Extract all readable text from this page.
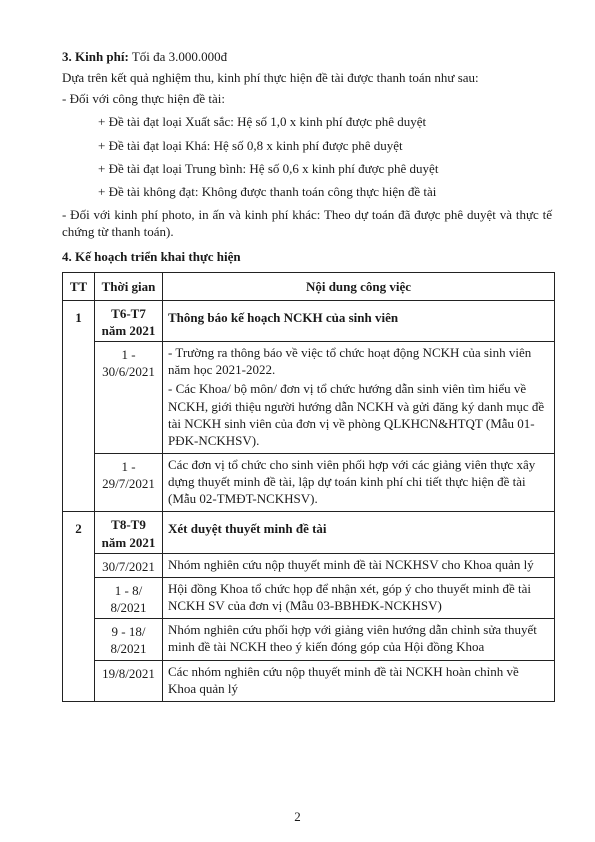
3. Kinh phí: Tối đa 3.000.000đ

Dựa trên kết quả nghiệm thu, kinh phí thực hiện đề tài được thanh toán như sau:

- Đối với công thực hiện đề tài:

+ Đề tài đạt loại Xuất sắc: Hệ số 1,0 x kinh phí được phê duyệt

+ Đề tài đạt loại Khá: Hệ số 0,8 x kinh phí được phê duyệt

+ Đề tài đạt loại Trung bình: Hệ số 0,6 x kinh phí được phê duyệt

+ Đề tài không đạt: Không được thanh toán công thực hiện đề tài

- Đối với kinh phí photo, in ấn và kinh phí khác: Theo dự toán đã được phê duyệt và thực tế chứng từ thanh toán).

4. Kế hoạch triển khai thực hiện

TT	Thời gian	Nội dung công việc
1	T6-T7 năm 2021	Thông báo kế hoạch NCKH của sinh viên
	1 - 30/6/2021	- Trường ra thông báo về việc tổ chức hoạt động NCKH của sinh viên năm học 2021-2022.

- Các Khoa/ bộ môn/ đơn vị tổ chức hướng dẫn sinh viên tìm hiểu về NCKH, giới thiệu người hướng dẫn NCKH và gửi đăng ký danh mục đề tài NCKH sinh viên của đơn vị về phòng QLKHCN&HTQT (Mẫu 01-PĐK-NCKHSV).

	1 - 29/7/2021	Các đơn vị tổ chức cho sinh viên phối hợp với các giảng viên thực xây dựng thuyết minh đề tài, lập dự toán kinh phí chi tiết thực hiện đề tài (Mẫu 02-TMĐT-NCKHSV).

2	T8-T9 năm 2021	Xét duyệt thuyết minh đề tài
	30/7/2021	Nhóm nghiên cứu nộp thuyết minh đề tài NCKHSV cho Khoa quản lý

	1 - 8/ 8/2021	Hội đồng Khoa tổ chức họp để nhận xét, góp ý cho thuyết minh đề tài NCKH SV của đơn vị (Mẫu 03-BBHĐK-NCKHSV)

	9 - 18/ 8/2021	Nhóm nghiên cứu phối hợp với giảng viên hướng dẫn chỉnh sửa thuyết minh đề tài NCKH theo ý kiến đóng góp của Hội đồng Khoa

	19/8/2021	Các nhóm nghiên cứu nộp thuyết minh đề tài NCKH hoàn chỉnh về Khoa quản lý

2
